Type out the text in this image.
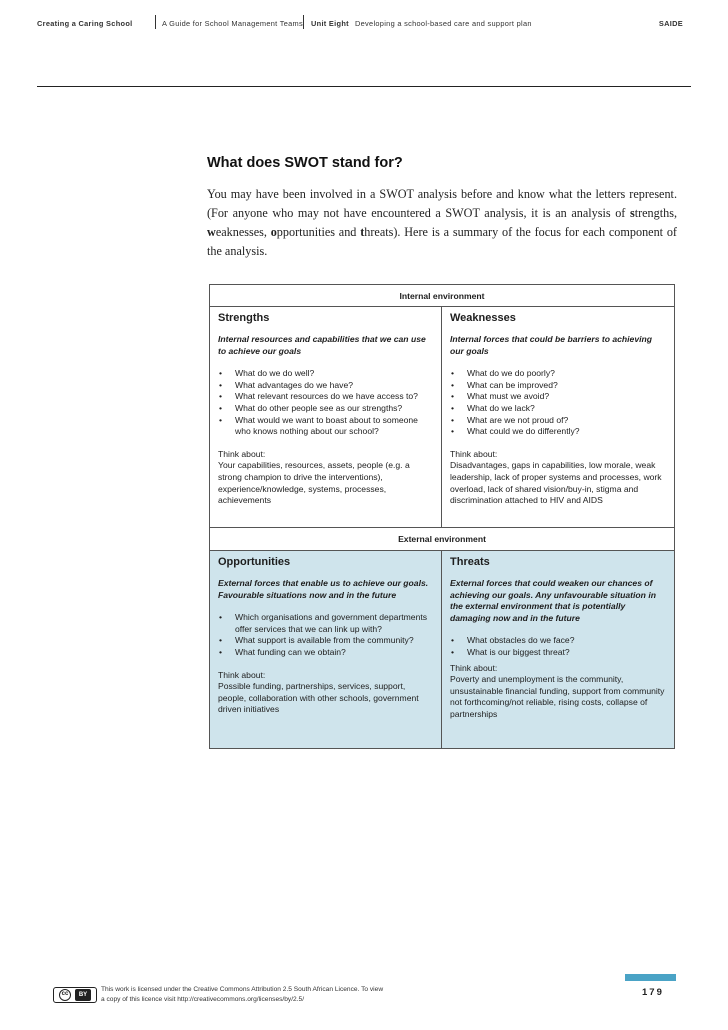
Creating a Caring School	A Guide for School Management Teams Unit Eight Developing a school-based care and support plan	SAIDE
What does SWOT stand for?

You may have been involved in a SWOT analysis before and know what the letters represent. (For anyone who may not have encountered a SWOT analysis, it is an analysis of strengths, weaknesses, opportunities and threats). Here is a summary of the focus for each component of the analysis.

Internal environment
Strengths
Internal resources and capabilities that we can use to achieve our goals
• What do we do well?
• What advantages do we have?
• What relevant resources do we have access to?
• What do other people see as our strengths?
• What would we want to boast about to someone who knows nothing about our school?
Think about:
Your capabilities, resources, assets, people (e.g. a strong champion to drive the interventions), experience/knowledge, systems, processes, achievements
Weaknesses
Internal forces that could be barriers to achieving our goals
• What do we do poorly?
• What can be improved?
• What must we avoid?
• What do we lack?
• What are we not proud of?
• What could we do differently?
Think about:
Disadvantages, gaps in capabilities, low morale, weak leadership, lack of proper systems and processes, work overload, lack of shared vision/buy-in, stigma and discrimination attached to HIV and AIDS
External environment
Opportunities
External forces that enable us to achieve our goals. Favourable situations now and in the future
• Which organisations and government departments offer services that we can link up with?
• What support is available from the community?
• What funding can we obtain?
Think about:
Possible funding, partnerships, services, support, people, collaboration with other schools, government driven initiatives
Threats
External forces that could weaken our chances of achieving our goals. Any unfavourable situation in the external environment that is potentially damaging now and in the future
• What obstacles do we face?
• What is our biggest threat?
Think about:
Poverty and unemployment is the community, unsustainable financial funding, support from community not forthcoming/not reliable, rising costs, collapse of partnerships
cc	BY
This work is licensed under the Creative Commons Attribution 2.5 South African Licence. To view
a copy of this licence visit http://creativecommons.org/licenses/by/2.5/
179
